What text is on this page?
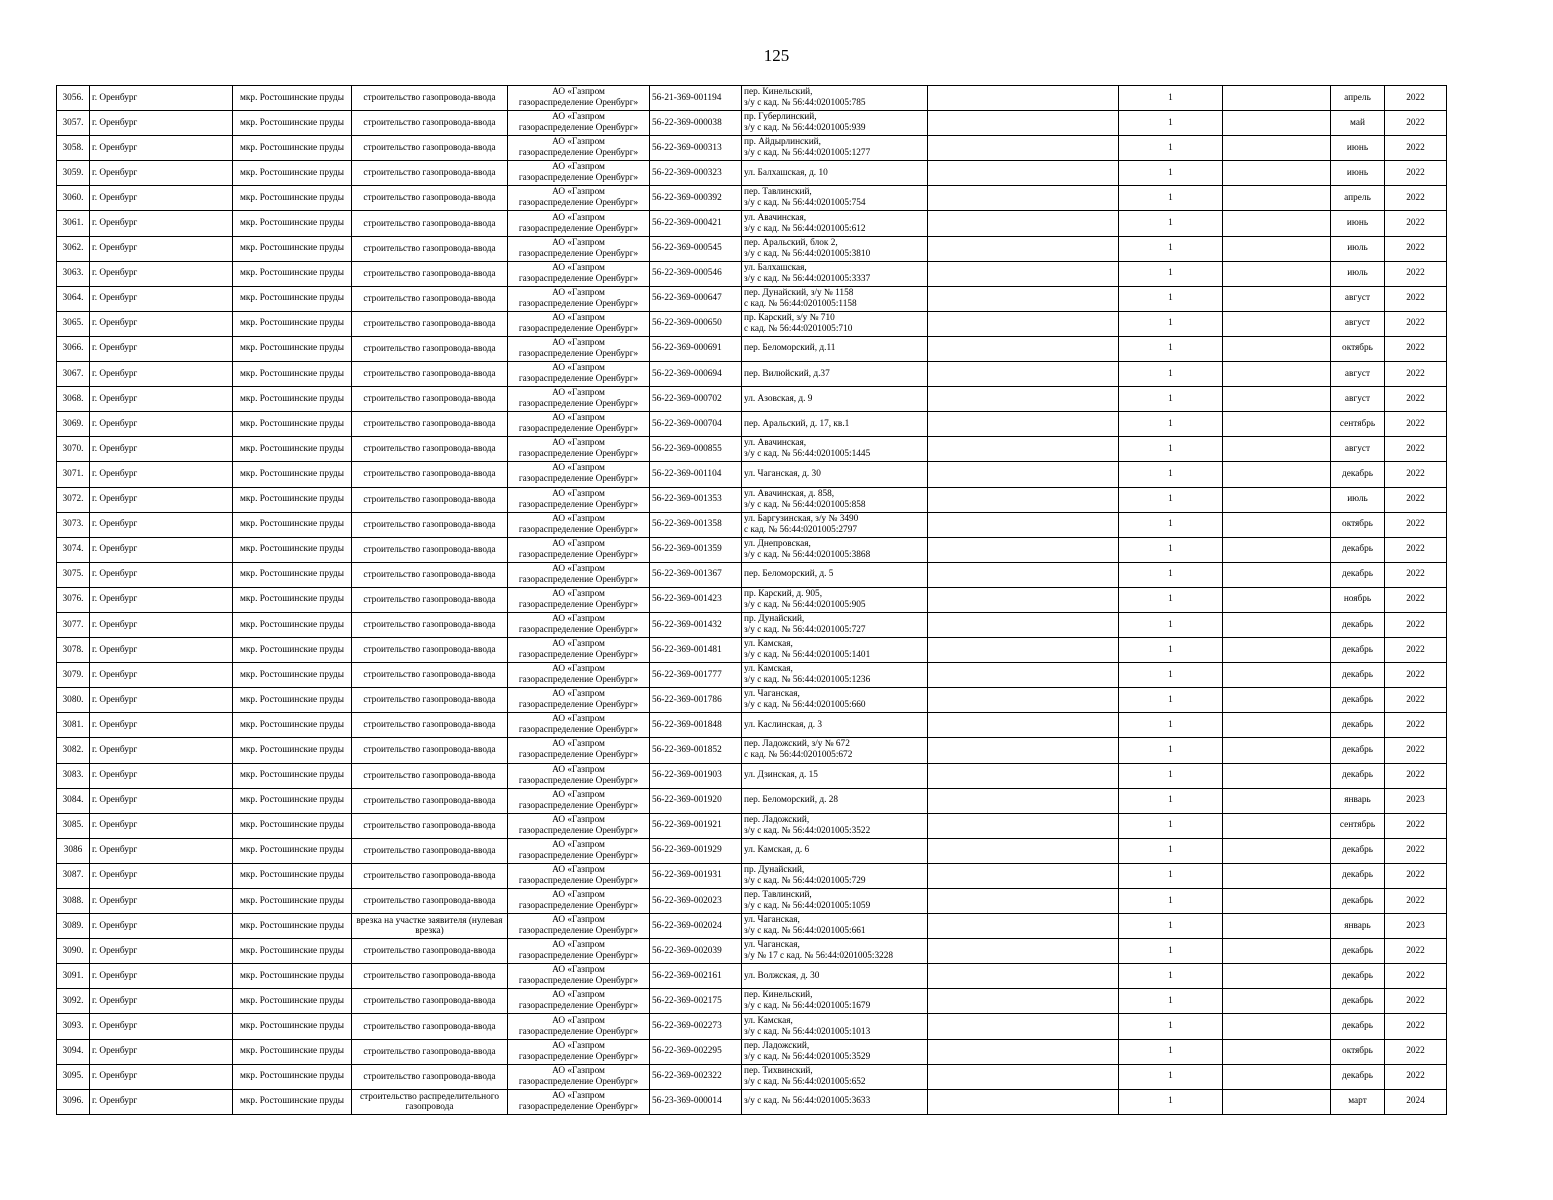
125
3056.	г. Оренбург	мкр. Ростошинские пруды	строительство газопровода-ввода	АО «Газпром
газораспределение Оренбург»	56-21-369-001194	пер. Кинельский,
з/у с кад. № 56:44:0201005:785		1		апрель	2022
3057.	г. Оренбург	мкр. Ростошинские пруды	строительство газопровода-ввода	АО «Газпром
газораспределение Оренбург»	56-22-369-000038	пр. Губерлинский,
з/у с кад. № 56:44:0201005:939		1		май	2022
3058.	г. Оренбург	мкр. Ростошинские пруды	строительство газопровода-ввода	АО «Газпром
газораспределение Оренбург»	56-22-369-000313	пр. Айдырлинский,
з/у с кад. № 56:44:0201005:1277		1		июнь	2022
3059.	г. Оренбург	мкр. Ростошинские пруды	строительство газопровода-ввода	АО «Газпром
газораспределение Оренбург»	56-22-369-000323	ул. Балхашская, д. 10		1		июнь	2022
3060.	г. Оренбург	мкр. Ростошинские пруды	строительство газопровода-ввода	АО «Газпром
газораспределение Оренбург»	56-22-369-000392	пер. Тавлинский,
з/у с кад. № 56:44:0201005:754		1		апрель	2022
3061.	г. Оренбург	мкр. Ростошинские пруды	строительство газопровода-ввода	АО «Газпром
газораспределение Оренбург»	56-22-369-000421	ул. Авачинская,
з/у с кад. № 56:44:0201005:612		1		июнь	2022
3062.	г. Оренбург	мкр. Ростошинские пруды	строительство газопровода-ввода	АО «Газпром
газораспределение Оренбург»	56-22-369-000545	пер. Аральский, блок 2,
з/у с кад. № 56:44:0201005:3810		1		июль	2022
3063.	г. Оренбург	мкр. Ростошинские пруды	строительство газопровода-ввода	АО «Газпром
газораспределение Оренбург»	56-22-369-000546	ул. Балхашская,
з/у с кад. № 56:44:0201005:3337		1		июль	2022
3064.	г. Оренбург	мкр. Ростошинские пруды	строительство газопровода-ввода	АО «Газпром
газораспределение Оренбург»	56-22-369-000647	пер. Дунайский, з/у № 1158
с кад. № 56:44:0201005:1158		1		август	2022
3065.	г. Оренбург	мкр. Ростошинские пруды	строительство газопровода-ввода	АО «Газпром
газораспределение Оренбург»	56-22-369-000650	пр. Карский, з/у № 710
с кад. № 56:44:0201005:710		1		август	2022
3066.	г. Оренбург	мкр. Ростошинские пруды	строительство газопровода-ввода	АО «Газпром
газораспределение Оренбург»	56-22-369-000691	пер. Беломорский, д.11		1		октябрь	2022
3067.	г. Оренбург	мкр. Ростошинские пруды	строительство газопровода-ввода	АО «Газпром
газораспределение Оренбург»	56-22-369-000694	пер. Вилюйский, д.37		1		август	2022
3068.	г. Оренбург	мкр. Ростошинские пруды	строительство газопровода-ввода	АО «Газпром
газораспределение Оренбург»	56-22-369-000702	ул. Азовская, д. 9		1		август	2022
3069.	г. Оренбург	мкр. Ростошинские пруды	строительство газопровода-ввода	АО «Газпром
газораспределение Оренбург»	56-22-369-000704	пер. Аральский, д. 17, кв.1		1		сентябрь	2022
3070.	г. Оренбург	мкр. Ростошинские пруды	строительство газопровода-ввода	АО «Газпром
газораспределение Оренбург»	56-22-369-000855	ул. Авачинская,
з/у с кад. № 56:44:0201005:1445		1		август	2022
3071.	г. Оренбург	мкр. Ростошинские пруды	строительство газопровода-ввода	АО «Газпром
газораспределение Оренбург»	56-22-369-001104	ул. Чаганская, д. 30		1		декабрь	2022
3072.	г. Оренбург	мкр. Ростошинские пруды	строительство газопровода-ввода	АО «Газпром
газораспределение Оренбург»	56-22-369-001353	ул. Авачинская, д. 858,
з/у с кад. № 56:44:0201005:858		1		июль	2022
3073.	г. Оренбург	мкр. Ростошинские пруды	строительство газопровода-ввода	АО «Газпром
газораспределение Оренбург»	56-22-369-001358	ул. Баргузинская, з/у № 3490
с кад. № 56:44:0201005:2797		1		октябрь	2022
3074.	г. Оренбург	мкр. Ростошинские пруды	строительство газопровода-ввода	АО «Газпром
газораспределение Оренбург»	56-22-369-001359	ул. Днепровская,
з/у с кад. № 56:44:0201005:3868		1		декабрь	2022
3075.	г. Оренбург	мкр. Ростошинские пруды	строительство газопровода-ввода	АО «Газпром
газораспределение Оренбург»	56-22-369-001367	пер. Беломорский, д. 5		1		декабрь	2022
3076.	г. Оренбург	мкр. Ростошинские пруды	строительство газопровода-ввода	АО «Газпром
газораспределение Оренбург»	56-22-369-001423	пр. Карский, д. 905,
з/у с кад. № 56:44:0201005:905		1		ноябрь	2022
3077.	г. Оренбург	мкр. Ростошинские пруды	строительство газопровода-ввода	АО «Газпром
газораспределение Оренбург»	56-22-369-001432	пр. Дунайский,
з/у с кад. № 56:44:0201005:727		1		декабрь	2022
3078.	г. Оренбург	мкр. Ростошинские пруды	строительство газопровода-ввода	АО «Газпром
газораспределение Оренбург»	56-22-369-001481	ул. Камская,
з/у с кад. № 56:44:0201005:1401		1		декабрь	2022
3079.	г. Оренбург	мкр. Ростошинские пруды	строительство газопровода-ввода	АО «Газпром
газораспределение Оренбург»	56-22-369-001777	ул. Камская,
з/у с кад. № 56:44:0201005:1236		1		декабрь	2022
3080.	г. Оренбург	мкр. Ростошинские пруды	строительство газопровода-ввода	АО «Газпром
газораспределение Оренбург»	56-22-369-001786	ул. Чаганская,
з/у с кад. № 56:44:0201005:660		1		декабрь	2022
3081.	г. Оренбург	мкр. Ростошинские пруды	строительство газопровода-ввода	АО «Газпром
газораспределение Оренбург»	56-22-369-001848	ул. Каслинская, д. 3		1		декабрь	2022
3082.	г. Оренбург	мкр. Ростошинские пруды	строительство газопровода-ввода	АО «Газпром
газораспределение Оренбург»	56-22-369-001852	пер. Ладожский, з/у № 672
с кад. № 56:44:0201005:672		1		декабрь	2022
3083.	г. Оренбург	мкр. Ростошинские пруды	строительство газопровода-ввода	АО «Газпром
газораспределение Оренбург»	56-22-369-001903	ул. Дзинская, д. 15		1		декабрь	2022
3084.	г. Оренбург	мкр. Ростошинские пруды	строительство газопровода-ввода	АО «Газпром
газораспределение Оренбург»	56-22-369-001920	пер. Беломорский, д. 28		1		январь	2023
3085.	г. Оренбург	мкр. Ростошинские пруды	строительство газопровода-ввода	АО «Газпром
газораспределение Оренбург»	56-22-369-001921	пер. Ладожский,
з/у с кад. № 56:44:0201005:3522		1		сентябрь	2022
3086	г. Оренбург	мкр. Ростошинские пруды	строительство газопровода-ввода	АО «Газпром
газораспределение Оренбург»	56-22-369-001929	ул. Камская, д. 6		1		декабрь	2022
3087.	г. Оренбург	мкр. Ростошинские пруды	строительство газопровода-ввода	АО «Газпром
газораспределение Оренбург»	56-22-369-001931	пр. Дунайский,
з/у с кад. № 56:44:0201005:729		1		декабрь	2022
3088.	г. Оренбург	мкр. Ростошинские пруды	строительство газопровода-ввода	АО «Газпром
газораспределение Оренбург»	56-22-369-002023	пер. Тавлинский,
з/у с кад. № 56:44:0201005:1059		1		декабрь	2022
3089.	г. Оренбург	мкр. Ростошинские пруды	врезка на участке заявителя (нулевая врезка)	АО «Газпром
газораспределение Оренбург»	56-22-369-002024	ул. Чаганская,
з/у с кад. № 56:44:0201005:661		1		январь	2023
3090.	г. Оренбург	мкр. Ростошинские пруды	строительство газопровода-ввода	АО «Газпром
газораспределение Оренбург»	56-22-369-002039	ул. Чаганская,
з/у № 17 с кад. № 56:44:0201005:3228		1		декабрь	2022
3091.	г. Оренбург	мкр. Ростошинские пруды	строительство газопровода-ввода	АО «Газпром
газораспределение Оренбург»	56-22-369-002161	ул. Волжская, д. 30		1		декабрь	2022
3092.	г. Оренбург	мкр. Ростошинские пруды	строительство газопровода-ввода	АО «Газпром
газораспределение Оренбург»	56-22-369-002175	пер. Кинельский,
з/у с кад. № 56:44:0201005:1679		1		декабрь	2022
3093.	г. Оренбург	мкр. Ростошинские пруды	строительство газопровода-ввода	АО «Газпром
газораспределение Оренбург»	56-22-369-002273	ул. Камская,
з/у с кад. № 56:44:0201005:1013		1		декабрь	2022
3094.	г. Оренбург	мкр. Ростошинские пруды	строительство газопровода-ввода	АО «Газпром
газораспределение Оренбург»	56-22-369-002295	пер. Ладожский,
з/у с кад. № 56:44:0201005:3529		1		октябрь	2022
3095.	г. Оренбург	мкр. Ростошинские пруды	строительство газопровода-ввода	АО «Газпром
газораспределение Оренбург»	56-22-369-002322	пер. Тихвинский,
з/у с кад. № 56:44:0201005:652		1		декабрь	2022
3096.	г. Оренбург	мкр. Ростошинские пруды	строительство распределительного газопровода	АО «Газпром
газораспределение Оренбург»	56-23-369-000014	з/у с кад. № 56:44:0201005:3633		1		март	2024
